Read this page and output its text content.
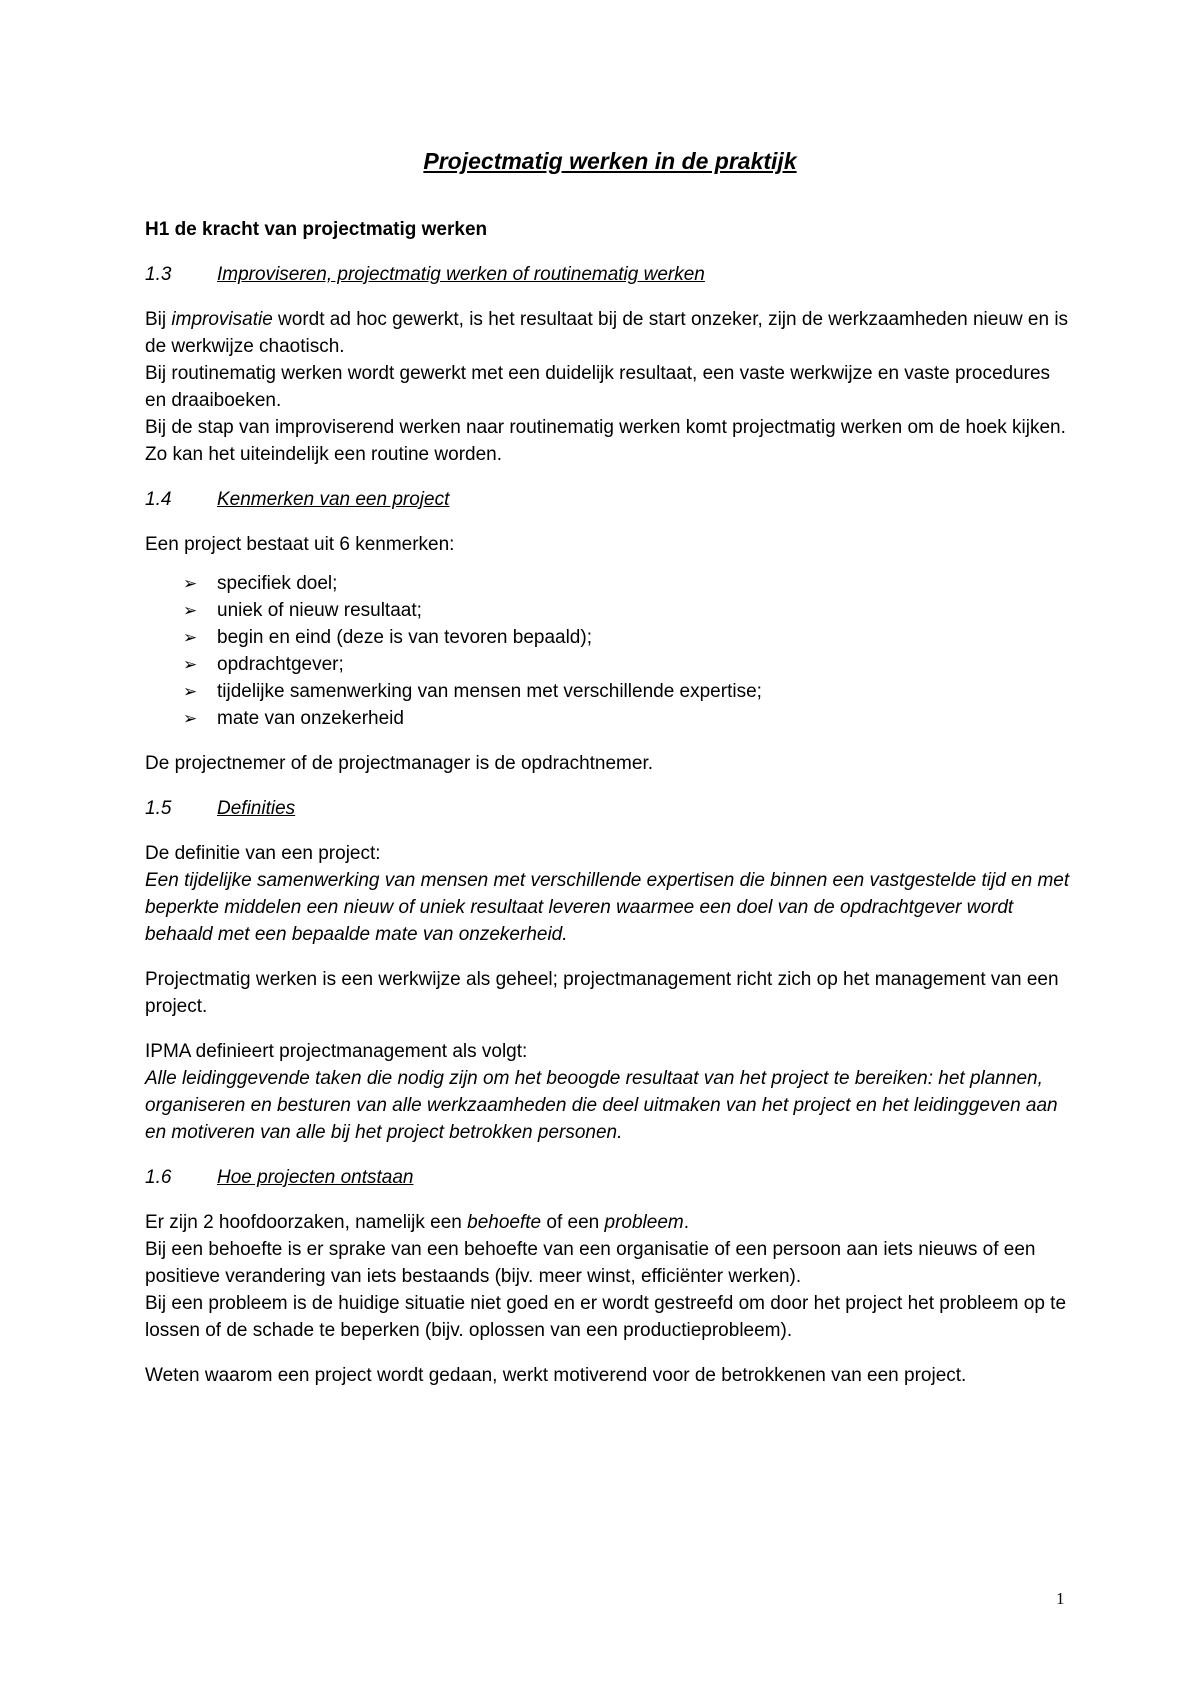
Projectmatig werken in de praktijk
H1 de kracht van projectmatig werken
1.3 Improviseren, projectmatig werken of routinematig werken

Bij improvisatie wordt ad hoc gewerkt, is het resultaat bij de start onzeker, zijn de werkzaamheden nieuw en is de werkwijze chaotisch.

Bij routinematig werken wordt gewerkt met een duidelijk resultaat, een vaste werkwijze en vaste procedures en draaiboeken.

Bij de stap van improviserend werken naar routinematig werken komt projectmatig werken om de hoek kijken. Zo kan het uiteindelijk een routine worden.

1.4 Kenmerken van een project

Een project bestaat uit 6 kenmerken:

➢ specifiek doel;
➢ uniek of nieuw resultaat;
➢ begin en eind (deze is van tevoren bepaald);
➢ opdrachtgever;
➢ tijdelijke samenwerking van mensen met verschillende expertise;
➢ mate van onzekerheid

De projectnemer of de projectmanager is de opdrachtnemer.

1.5 Definities

De definitie van een project:

Een tijdelijke samenwerking van mensen met verschillende expertisen die binnen een vastgestelde tijd en met beperkte middelen een nieuw of uniek resultaat leveren waarmee een doel van de opdrachtgever wordt behaald met een bepaalde mate van onzekerheid.

Projectmatig werken is een werkwijze als geheel; projectmanagement richt zich op het management van een project.

IPMA definieert projectmanagement als volgt:

Alle leidinggevende taken die nodig zijn om het beoogde resultaat van het project te bereiken: het plannen, organiseren en besturen van alle werkzaamheden die deel uitmaken van het project en het leidinggeven aan en motiveren van alle bij het project betrokken personen.

1.6 Hoe projecten ontstaan

Er zijn 2 hoofdoorzaken, namelijk een behoefte of een probleem.

Bij een behoefte is er sprake van een behoefte van een organisatie of een persoon aan iets nieuws of een positieve verandering van iets bestaands (bijv. meer winst, efficiënter werken).

Bij een probleem is de huidige situatie niet goed en er wordt gestreefd om door het project het probleem op te lossen of de schade te beperken (bijv. oplossen van een productieprobleem).

Weten waarom een project wordt gedaan, werkt motiverend voor de betrokkenen van een project.

1
